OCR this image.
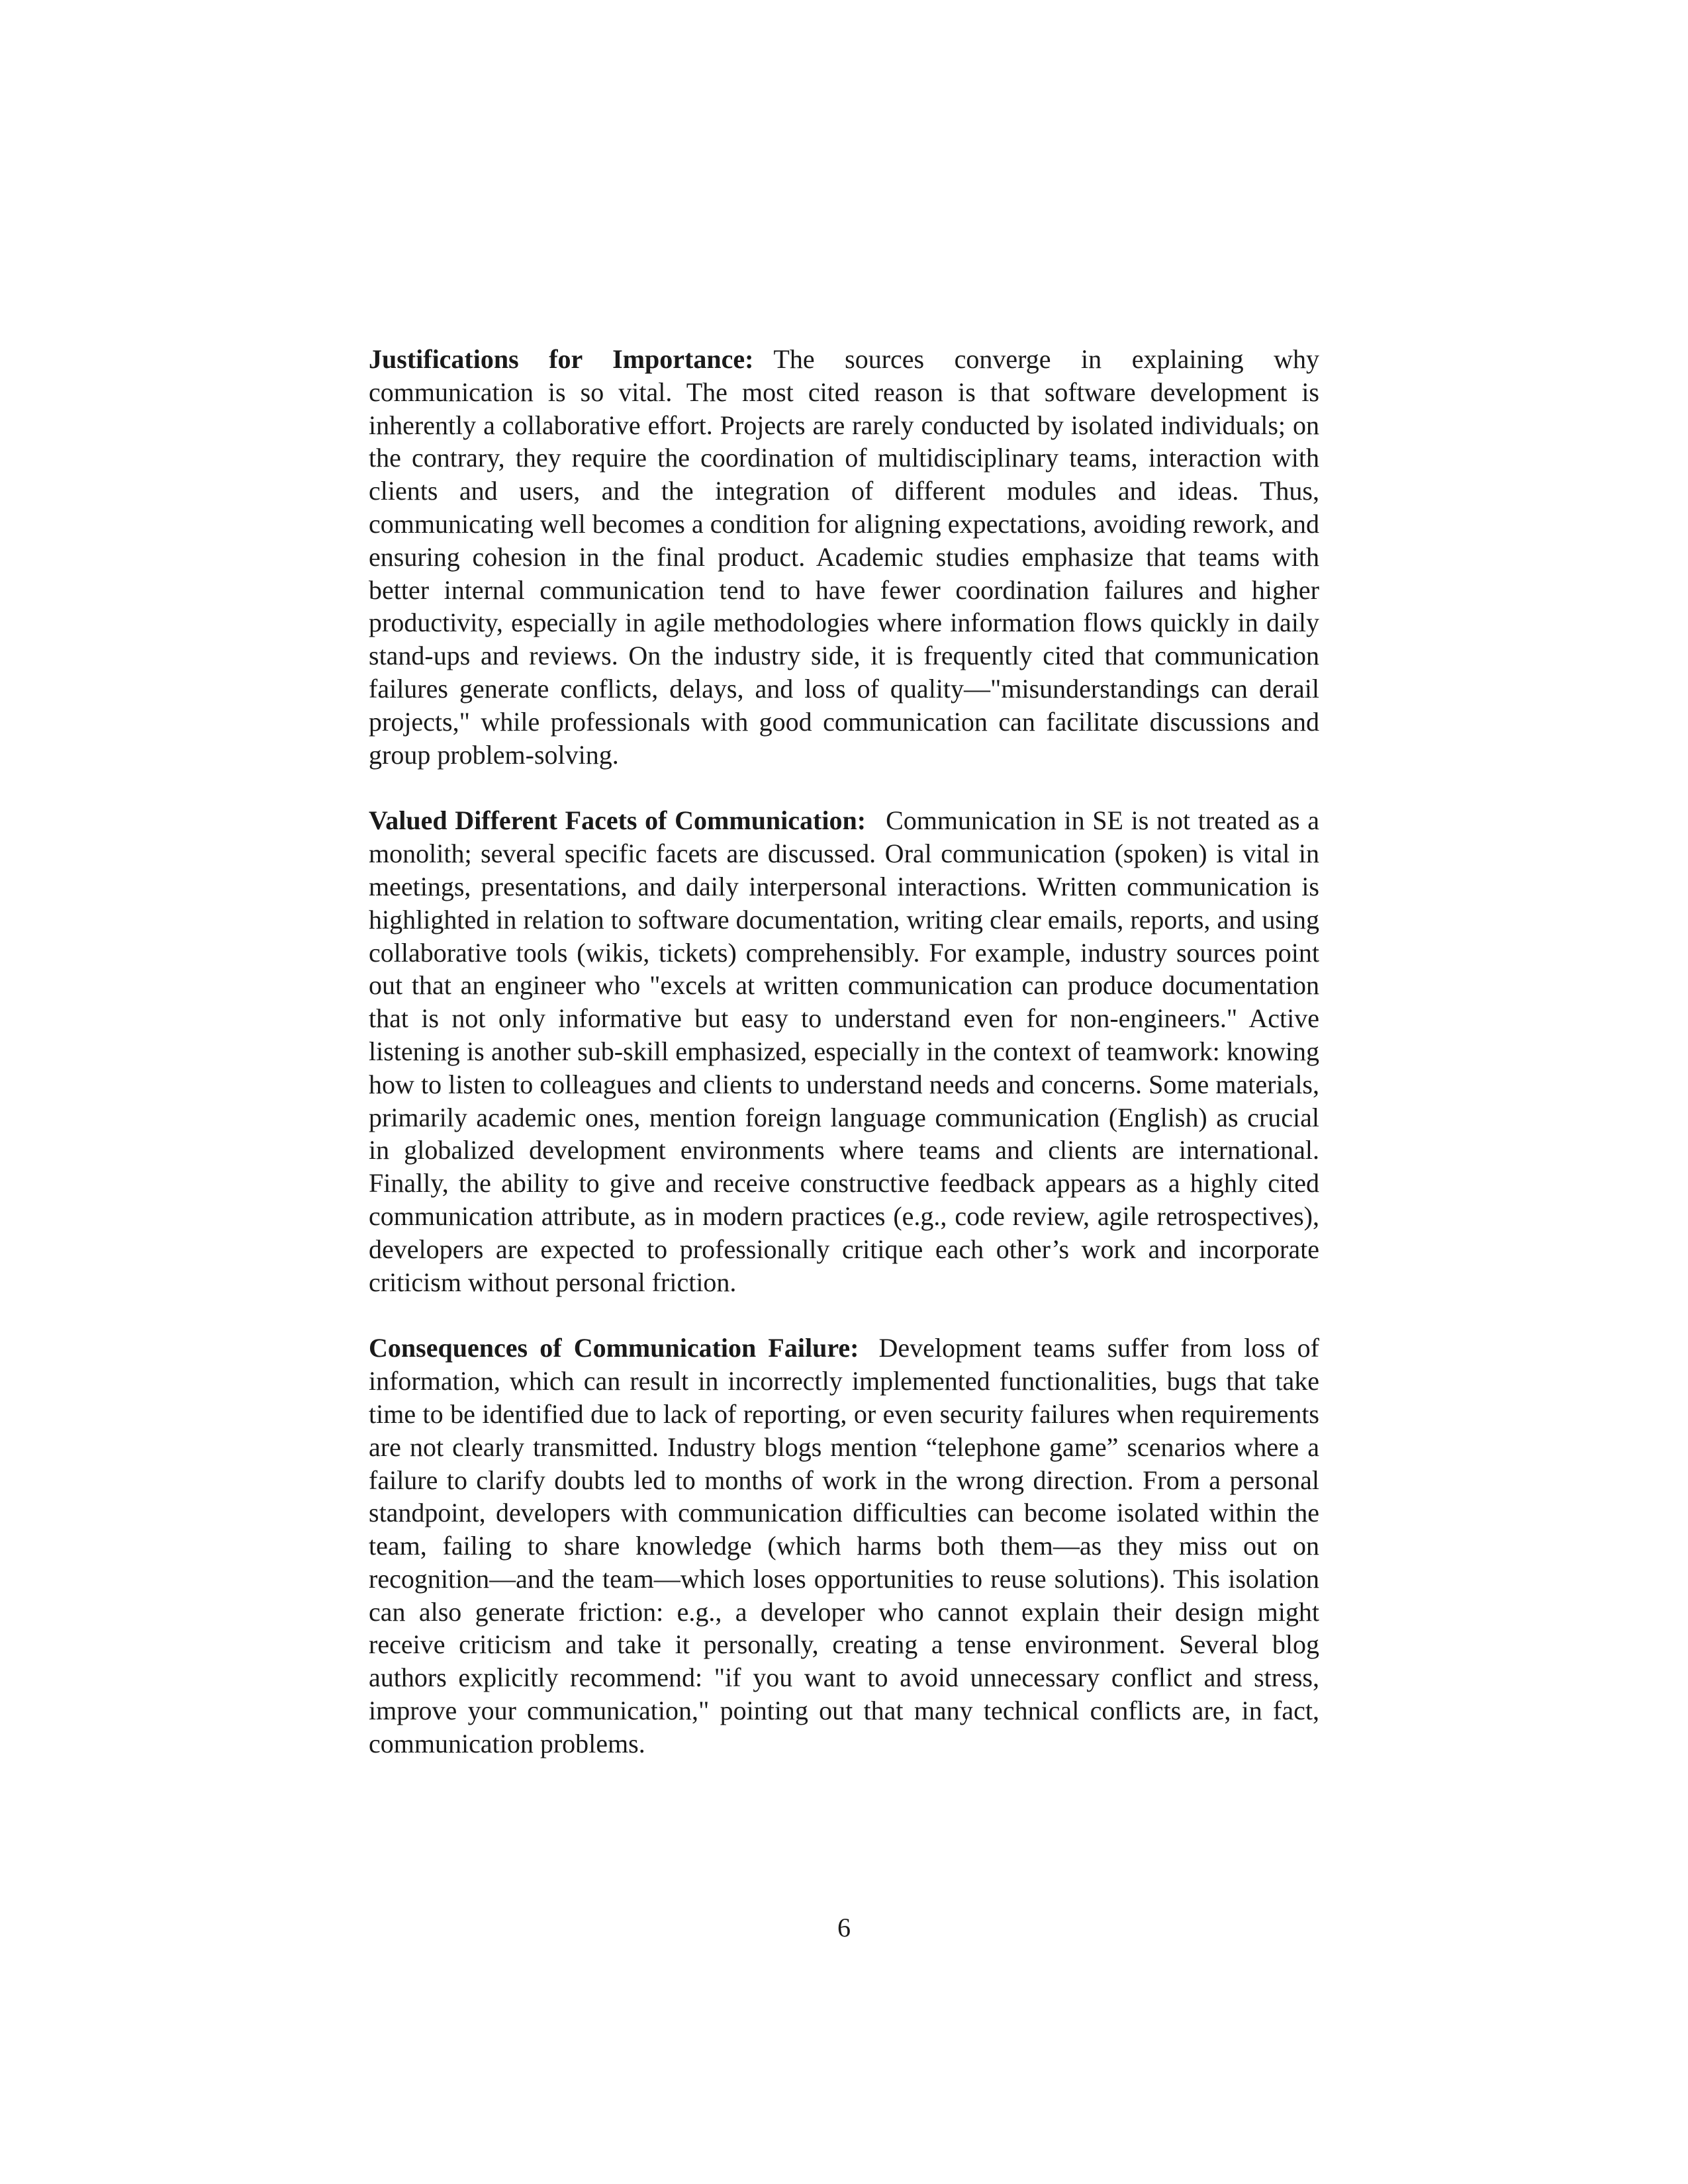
Justifications for Importance: The sources converge in explaining why communication is so vital. The most cited reason is that software development is inherently a collaborative effort. Projects are rarely conducted by isolated individuals; on the contrary, they require the coordination of multidisciplinary teams, interaction with clients and users, and the integration of different modules and ideas. Thus, communicating well becomes a condition for aligning expectations, avoiding rework, and ensuring cohesion in the final product. Academic studies emphasize that teams with better internal communication tend to have fewer coordination failures and higher productivity, especially in agile methodologies where information flows quickly in daily stand-ups and reviews. On the industry side, it is frequently cited that communication failures generate conflicts, delays, and loss of quality—"misunderstandings can derail projects," while professionals with good communication can facilitate discussions and group problem-solving.

Valued Different Facets of Communication: Communication in SE is not treated as a monolith; several specific facets are discussed. Oral communication (spoken) is vital in meetings, presentations, and daily interpersonal interactions. Written communication is highlighted in relation to software documentation, writing clear emails, reports, and using collaborative tools (wikis, tickets) comprehensibly. For example, industry sources point out that an engineer who "excels at written communication can produce documentation that is not only informative but easy to understand even for non-engineers." Active listening is another sub-skill emphasized, especially in the context of teamwork: knowing how to listen to colleagues and clients to understand needs and concerns. Some materials, primarily academic ones, mention foreign language communication (English) as crucial in globalized development environments where teams and clients are international. Finally, the ability to give and receive constructive feedback appears as a highly cited communication attribute, as in modern practices (e.g., code review, agile retrospectives), developers are expected to professionally critique each other’s work and incorporate criticism without personal friction.

Consequences of Communication Failure: Development teams suffer from loss of information, which can result in incorrectly implemented functionalities, bugs that take time to be identified due to lack of reporting, or even security failures when requirements are not clearly transmitted. Industry blogs mention “telephone game” scenarios where a failure to clarify doubts led to months of work in the wrong direction. From a personal standpoint, developers with communication difficulties can become isolated within the team, failing to share knowledge (which harms both them—as they miss out on recognition—and the team—which loses opportunities to reuse solutions). This isolation can also generate friction: e.g., a developer who cannot explain their design might receive criticism and take it personally, creating a tense environment. Several blog authors explicitly recommend: "if you want to avoid unnecessary conflict and stress, improve your communication," pointing out that many technical conflicts are, in fact, communication problems.

6
